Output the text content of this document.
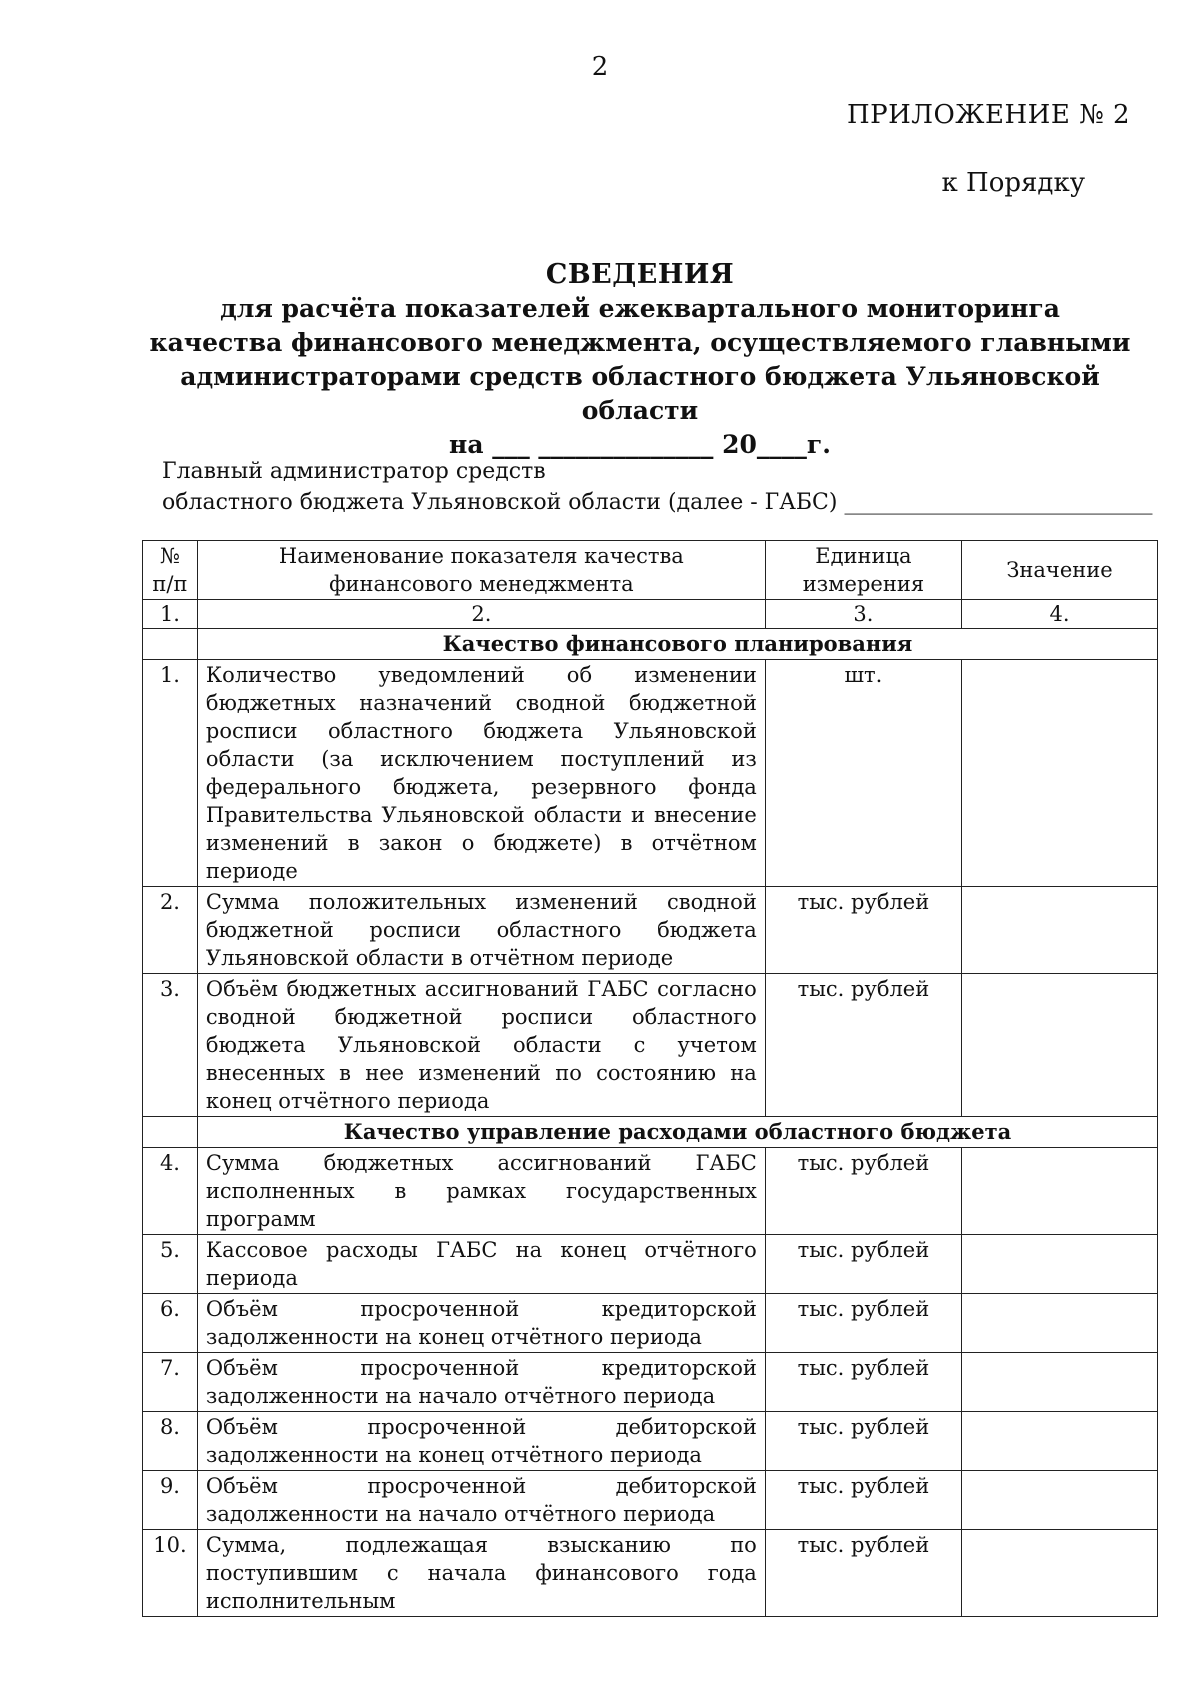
2
ПРИЛОЖЕНИЕ № 2
к Порядку
СВЕДЕНИЯ
для расчёта показателей ежеквартального мониторинга
качества финансового менеджмента, осуществляемого главными
администраторами средств областного бюджета Ульяновской области
на ___ ______________ 20____г.
Главный администратор средств
областного бюджета Ульяновской области (далее - ГАБС) ____________________________
№ п/п	Наименование показателя качества финансового менеджмента	Единица измерения	Значение
1.	2.	3.	4.
	Качество финансового планирования		
1.	Количество уведомлений об изменении бюджетных назначений сводной бюджетной росписи областного бюджета Ульяновской области (за исключением поступлений из федерального бюджета, резервного фонда Правительства Ульяновской области и внесение изменений в закон о бюджете) в отчётном периоде	шт.	
2.	Сумма положительных изменений сводной бюджетной росписи областного бюджета Ульяновской области в отчётном периоде	тыс. рублей	
3.	Объём бюджетных ассигнований ГАБС согласно сводной бюджетной росписи областного бюджета Ульяновской области с учетом внесенных в нее изменений по состоянию на конец отчётного периода	тыс. рублей	
	Качество управление расходами областного бюджета		
4.	Сумма бюджетных ассигнований ГАБС исполненных в рамках государственных программ	тыс. рублей	
5.	Кассовое расходы ГАБС на конец отчётного периода	тыс. рублей	
6.	Объём просроченной кредиторской задолженности на конец отчётного периода	тыс. рублей	
7.	Объём просроченной кредиторской задолженности на начало отчётного периода	тыс. рублей	
8.	Объём просроченной дебиторской задолженности на конец отчётного периода	тыс. рублей	
9.	Объём просроченной дебиторской задолженности на начало отчётного периода	тыс. рублей	
10.	Сумма, подлежащая взысканию по поступившим с начала финансового года исполнительным	тыс. рублей	
